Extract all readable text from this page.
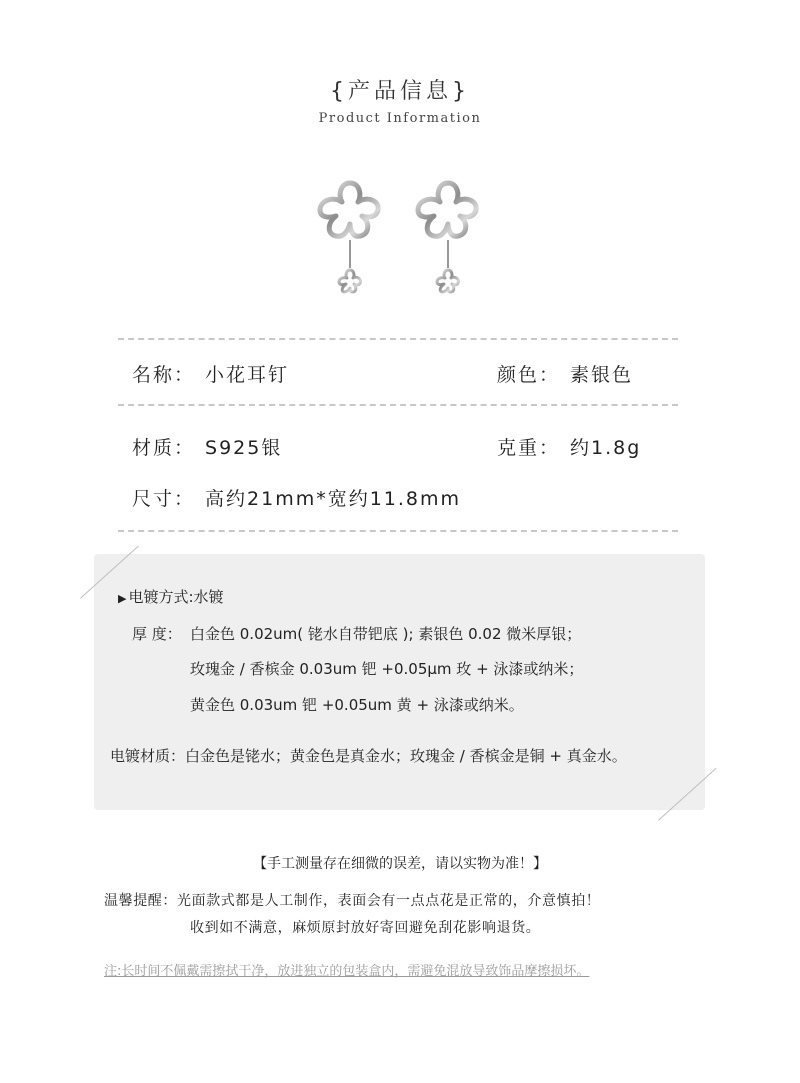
{产品信息}
Product Information
名称： 小花耳钉	颜色： 素银色
材质： S925银	克重： 约1.8g
尺寸： 高约21mm*宽约11.8mm
▶ 电镀方式:水镀
厚 度： 白金色 0.02um( 铑水自带钯底 ); 素银色 0.02 微米厚银；
玫瑰金 / 香槟金 0.03um 钯 +0.05μm 玫 + 泳漆或纳米；
黄金色 0.03um 钯 +0.05um 黄 + 泳漆或纳米。
电镀材质：白金色是铑水；黄金色是真金水；玫瑰金 / 香槟金是铜 + 真金水。
【手工测量存在细微的误差，请以实物为准！】
温馨提醒：光面款式都是人工制作，表面会有一点点花是正常的，介意慎拍！
收到如不满意，麻烦原封放好寄回避免刮花影响退货。
注:长时间不佩戴需擦拭干净，放进独立的包装盒内，需避免混放导致饰品摩擦损坏。
